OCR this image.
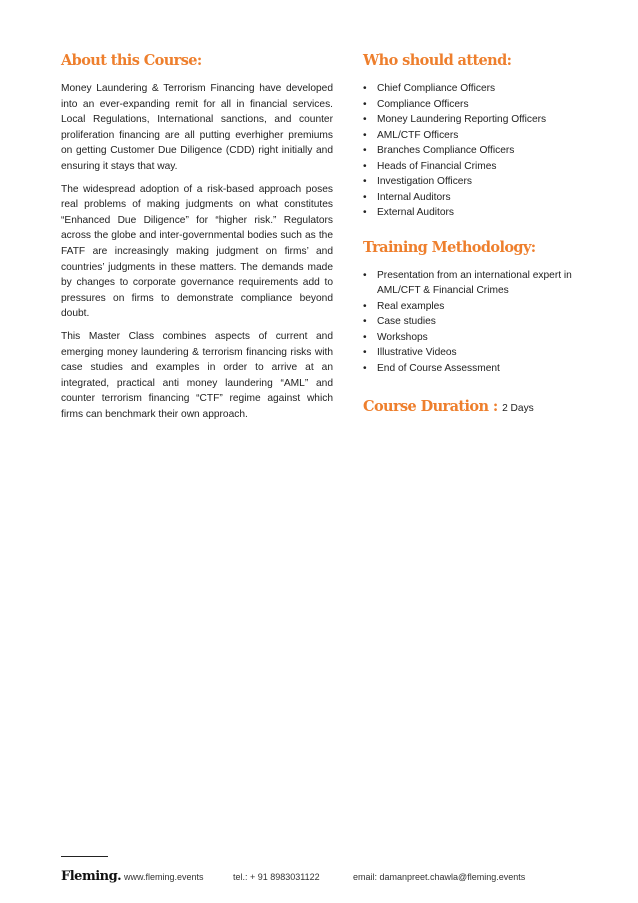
About this Course:

Money Laundering & Terrorism Financing have developed into an ever-expanding remit for all in financial services. Local Regulations, International sanctions, and counter proliferation financing are all putting everhigher premiums on getting Customer Due Diligence (CDD) right initially and ensuring it stays that way.

The widespread adoption of a risk-based approach poses real problems of making judgments on what constitutes “Enhanced Due Diligence” for “higher risk.” Regulators across the globe and inter-governmental bodies such as the FATF are increasingly making judgment on firms’ and countries’ judgments in these matters. The demands made by changes to corporate governance requirements add to pressures on firms to demonstrate compliance beyond doubt.

This Master Class combines aspects of current and emerging money laundering & terrorism financing risks with case studies and examples in order to arrive at an integrated, practical anti money laundering “AML” and counter terrorism financing “CTF” regime against which firms can benchmark their own approach.

Who should attend:
• Chief Compliance Officers
• Compliance Officers
• Money Laundering Reporting Officers
• AML/CTF Officers
• Branches Compliance Officers
• Heads of Financial Crimes
• Investigation Officers
• Internal Auditors
• External Auditors
Training Methodology:
• Presentation from an international expert in AML/CFT & Financial Crimes
• Real examples
• Case studies
• Workshops
• Illustrative Videos
• End of Course Assessment
Course Duration : 2 Days
Fleming. www.fleming.events	tel.: + 91 8983031122	email: damanpreet.chawla@fleming.events
